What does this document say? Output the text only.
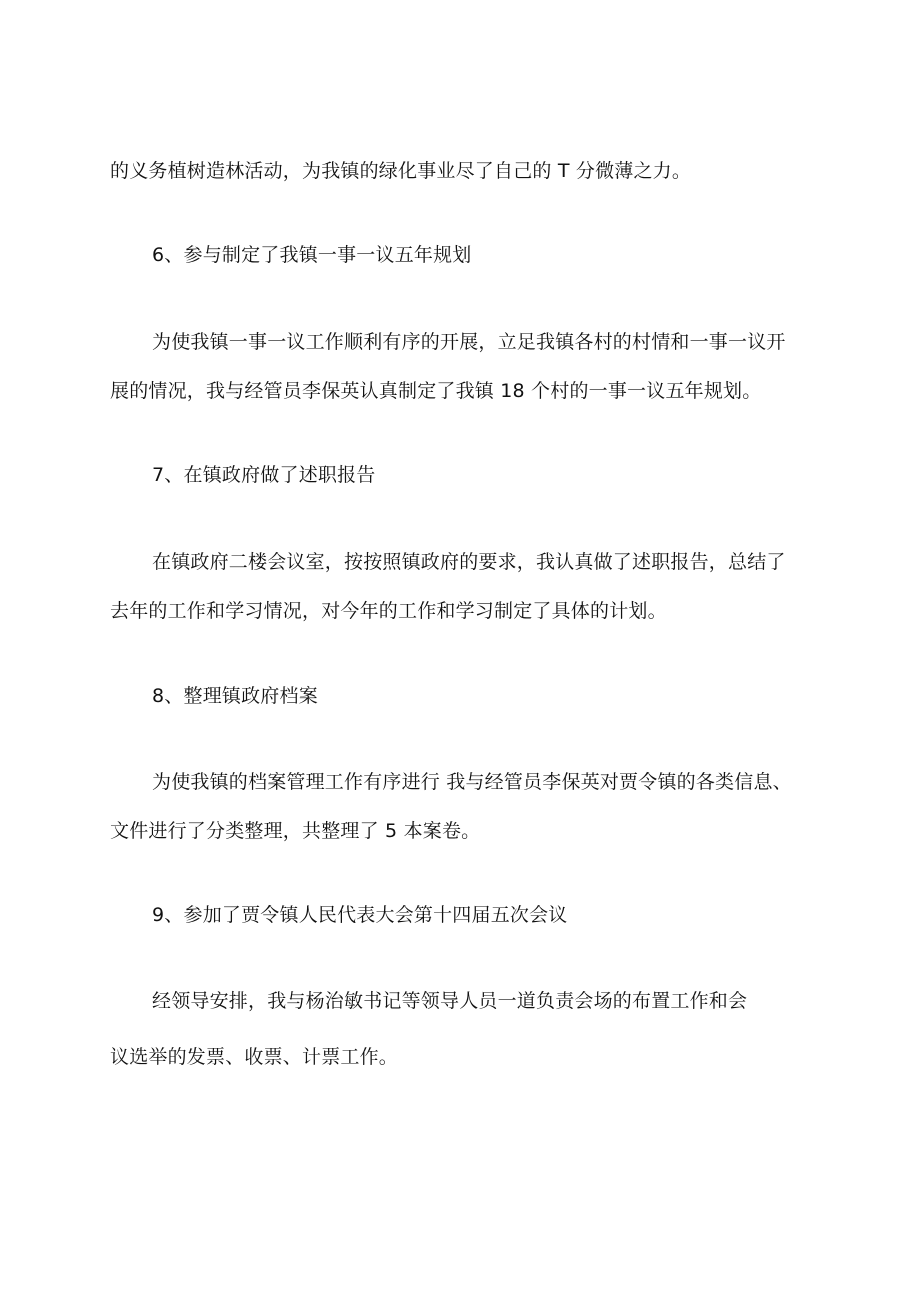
的义务植树造林活动，为我镇的绿化事业尽了自己的 T 分微薄之力。
6、参与制定了我镇一事一议五年规划
为使我镇一事一议工作顺利有序的开展，立足我镇各村的村情和一事一议开
展的情况，我与经管员李保英认真制定了我镇 18 个村的一事一议五年规划。
7、在镇政府做了述职报告
在镇政府二楼会议室，按按照镇政府的要求，我认真做了述职报告，总结了
去年的工作和学习情况，对今年的工作和学习制定了具体的计划。
8、整理镇政府档案
为使我镇的档案管理工作有序进行 我与经管员李保英对贾令镇的各类信息、
文件进行了分类整理，共整理了 5 本案卷。
9、参加了贾令镇人民代表大会第十四届五次会议
经领导安排，我与杨治敏书记等领导人员一道负责会场的布置工作和会
议选举的发票、收票、计票工作。
